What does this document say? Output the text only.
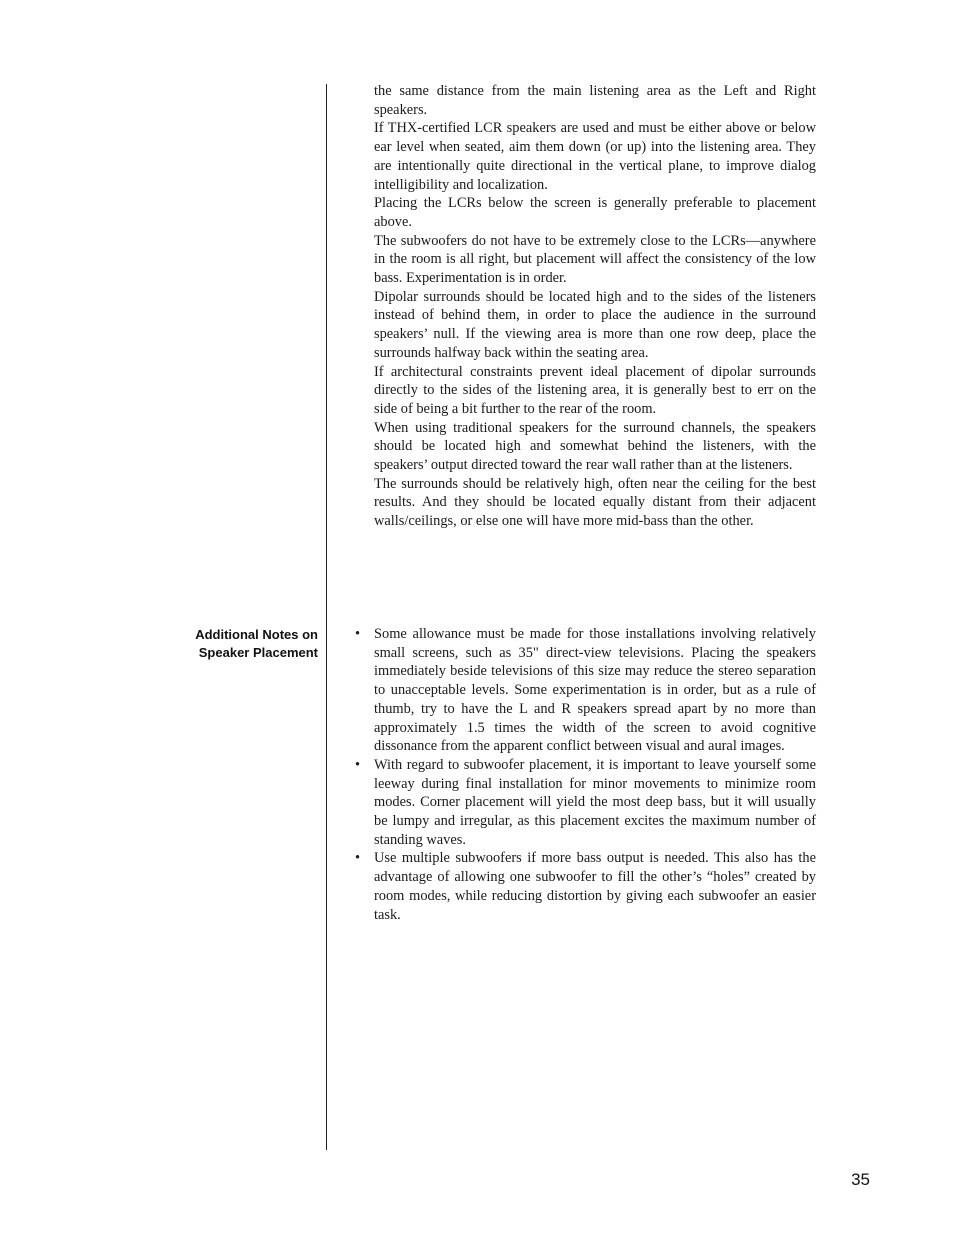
the same distance from the main listening area as the Left and Right speakers.

If THX-certified LCR speakers are used and must be either above or below ear level when seated, aim them down (or up) into the listening area. They are intentionally quite directional in the vertical plane, to improve dialog intelligibility and localization.

Placing the LCRs below the screen is generally preferable to placement above.

The subwoofers do not have to be extremely close to the LCRs—anywhere in the room is all right, but placement will affect the consistency of the low bass. Experimentation is in order.

Dipolar surrounds should be located high and to the sides of the listeners instead of behind them, in order to place the audience in the surround speakers’ null. If the viewing area is more than one row deep, place the surrounds halfway back within the seating area.

If architectural constraints prevent ideal placement of dipolar surrounds directly to the sides of the listening area, it is generally best to err on the side of being a bit further to the rear of the room.

When using traditional speakers for the surround channels, the speakers should be located high and somewhat behind the listeners, with the speakers’ output directed toward the rear wall rather than at the listeners.

The surrounds should be relatively high, often near the ceiling for the best results. And they should be located equally distant from their adjacent walls/ceilings, or else one will have more mid-bass than the other.

Additional Notes on
Speaker Placement
• Some allowance must be made for those installations involving relatively small screens, such as 35" direct-view televisions. Placing the speakers immediately beside televisions of this size may reduce the stereo separation to unacceptable levels. Some experimentation is in order, but as a rule of thumb, try to have the L and R speakers spread apart by no more than approximately 1.5 times the width of the screen to avoid cognitive dissonance from the apparent conflict between visual and aural images.
• With regard to subwoofer placement, it is important to leave yourself some leeway during final installation for minor movements to minimize room modes. Corner placement will yield the most deep bass, but it will usually be lumpy and irregular, as this placement excites the maximum number of standing waves.
• Use multiple subwoofers if more bass output is needed. This also has the advantage of allowing one subwoofer to fill the other’s “holes” created by room modes, while reducing distortion by giving each subwoofer an easier task.
35
